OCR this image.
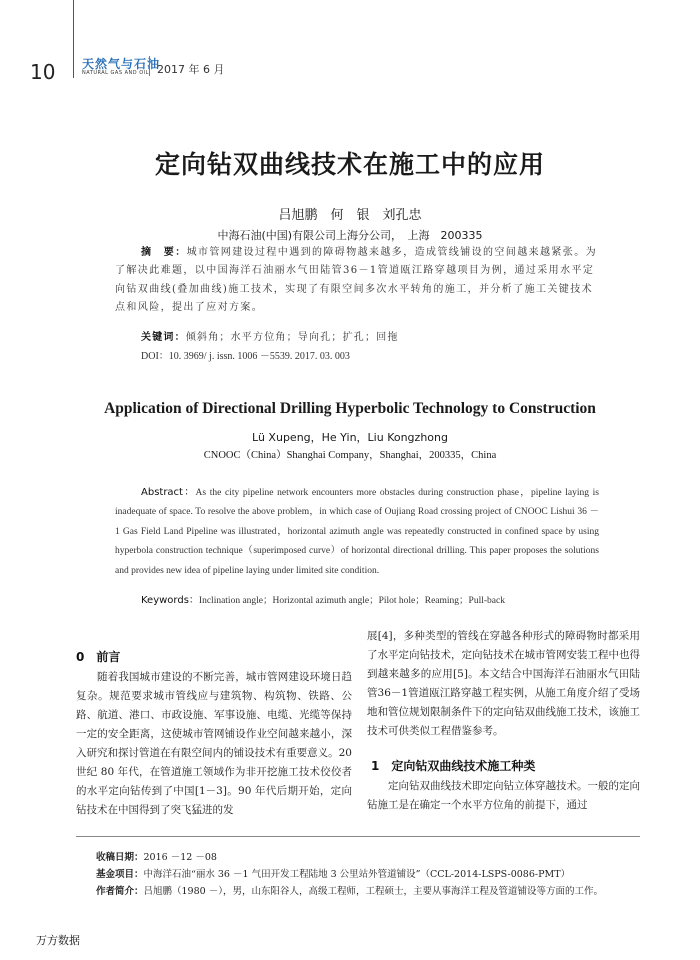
10 天然气与石油
NATURAL GAS AND OIL 2017 年 6 月
定向钻双曲线技术在施工中的应用
吕旭鹏　何　银　刘孔忠
中海石油(中国)有限公司上海分公司，　上海　200335
摘　要：城市管网建设过程中遇到的障碍物越来越多，造成管线铺设的空间越来越紧张。为了解决此难题，以中国海洋石油丽水气田陆管36－1管道瓯江路穿越项目为例，通过采用水平定向钻双曲线(叠加曲线)施工技术，实现了有限空间多次水平转角的施工，并分析了施工关键技术点和风险，提出了应对方案。
关键词：倾斜角；水平方位角；导向孔；扩孔；回拖
DOI：10. 3969/ j. issn. 1006 －5539. 2017. 03. 003
Application of Directional Drilling Hyperbolic Technology to Construction
Lü Xupeng，He Yin，Liu Kongzhong
CNOOC（China）Shanghai Company，Shanghai，200335，China
Abstract：As the city pipeline network encounters more obstacles during construction phase，pipeline laying is inadequate of space. To resolve the above problem，in which case of Oujiang Road crossing project of CNOOC Lishui 36 － 1 Gas Field Land Pipeline was illustrated，horizontal azimuth angle was repeatedly constructed in confined space by using hyperbola construction technique（superimposed curve）of horizontal directional drilling. This paper proposes the solutions and provides new idea of pipeline laying under limited site condition.
Keywords：Inclination angle；Horizontal azimuth angle；Pilot hole；Reaming；Pull-back
0　前言
随着我国城市建设的不断完善，城市管网建设环境日趋复杂。规范要求城市管线应与建筑物、构筑物、铁路、公路、航道、港口、市政设施、军事设施、电缆、光缆等保持一定的安全距离，这使城市管网铺设作业空间越来越小，深入研究和探讨管道在有限空间内的铺设技术有重要意义。20 世纪 80 年代，在管道施工领域作为非开挖施工技术佼佼者的水平定向钻传到了中国[1－3]。90 年代后期开始，定向钻技术在中国得到了突飞猛进的发
展[4]，多种类型的管线在穿越各种形式的障碍物时都采用了水平定向钻技术，定向钻技术在城市管网安装工程中也得到越来越多的应用[5]。本文结合中国海洋石油丽水气田陆管36－1管道瓯江路穿越工程实例，从施工角度介绍了受场地和管位规划限制条件下的定向钻双曲线施工技术，该施工技术可供类似工程借鉴参考。
1　定向钻双曲线技术施工种类
定向钻双曲线技术即定向钻立体穿越技术。一般的定向钻施工是在确定一个水平方位角的前提下，通过
收稿日期：2016 －12 －08
基金项目：中海洋石油“丽水 36 －1 气田开发工程陆地 3 公里站外管道铺设”（CCL-2014-LSPS-0086-PMT）
作者简介：吕旭鹏（1980 －），男，山东阳谷人，高级工程师，工程硕士，主要从事海洋工程及管道铺设等方面的工作。
万方数据
